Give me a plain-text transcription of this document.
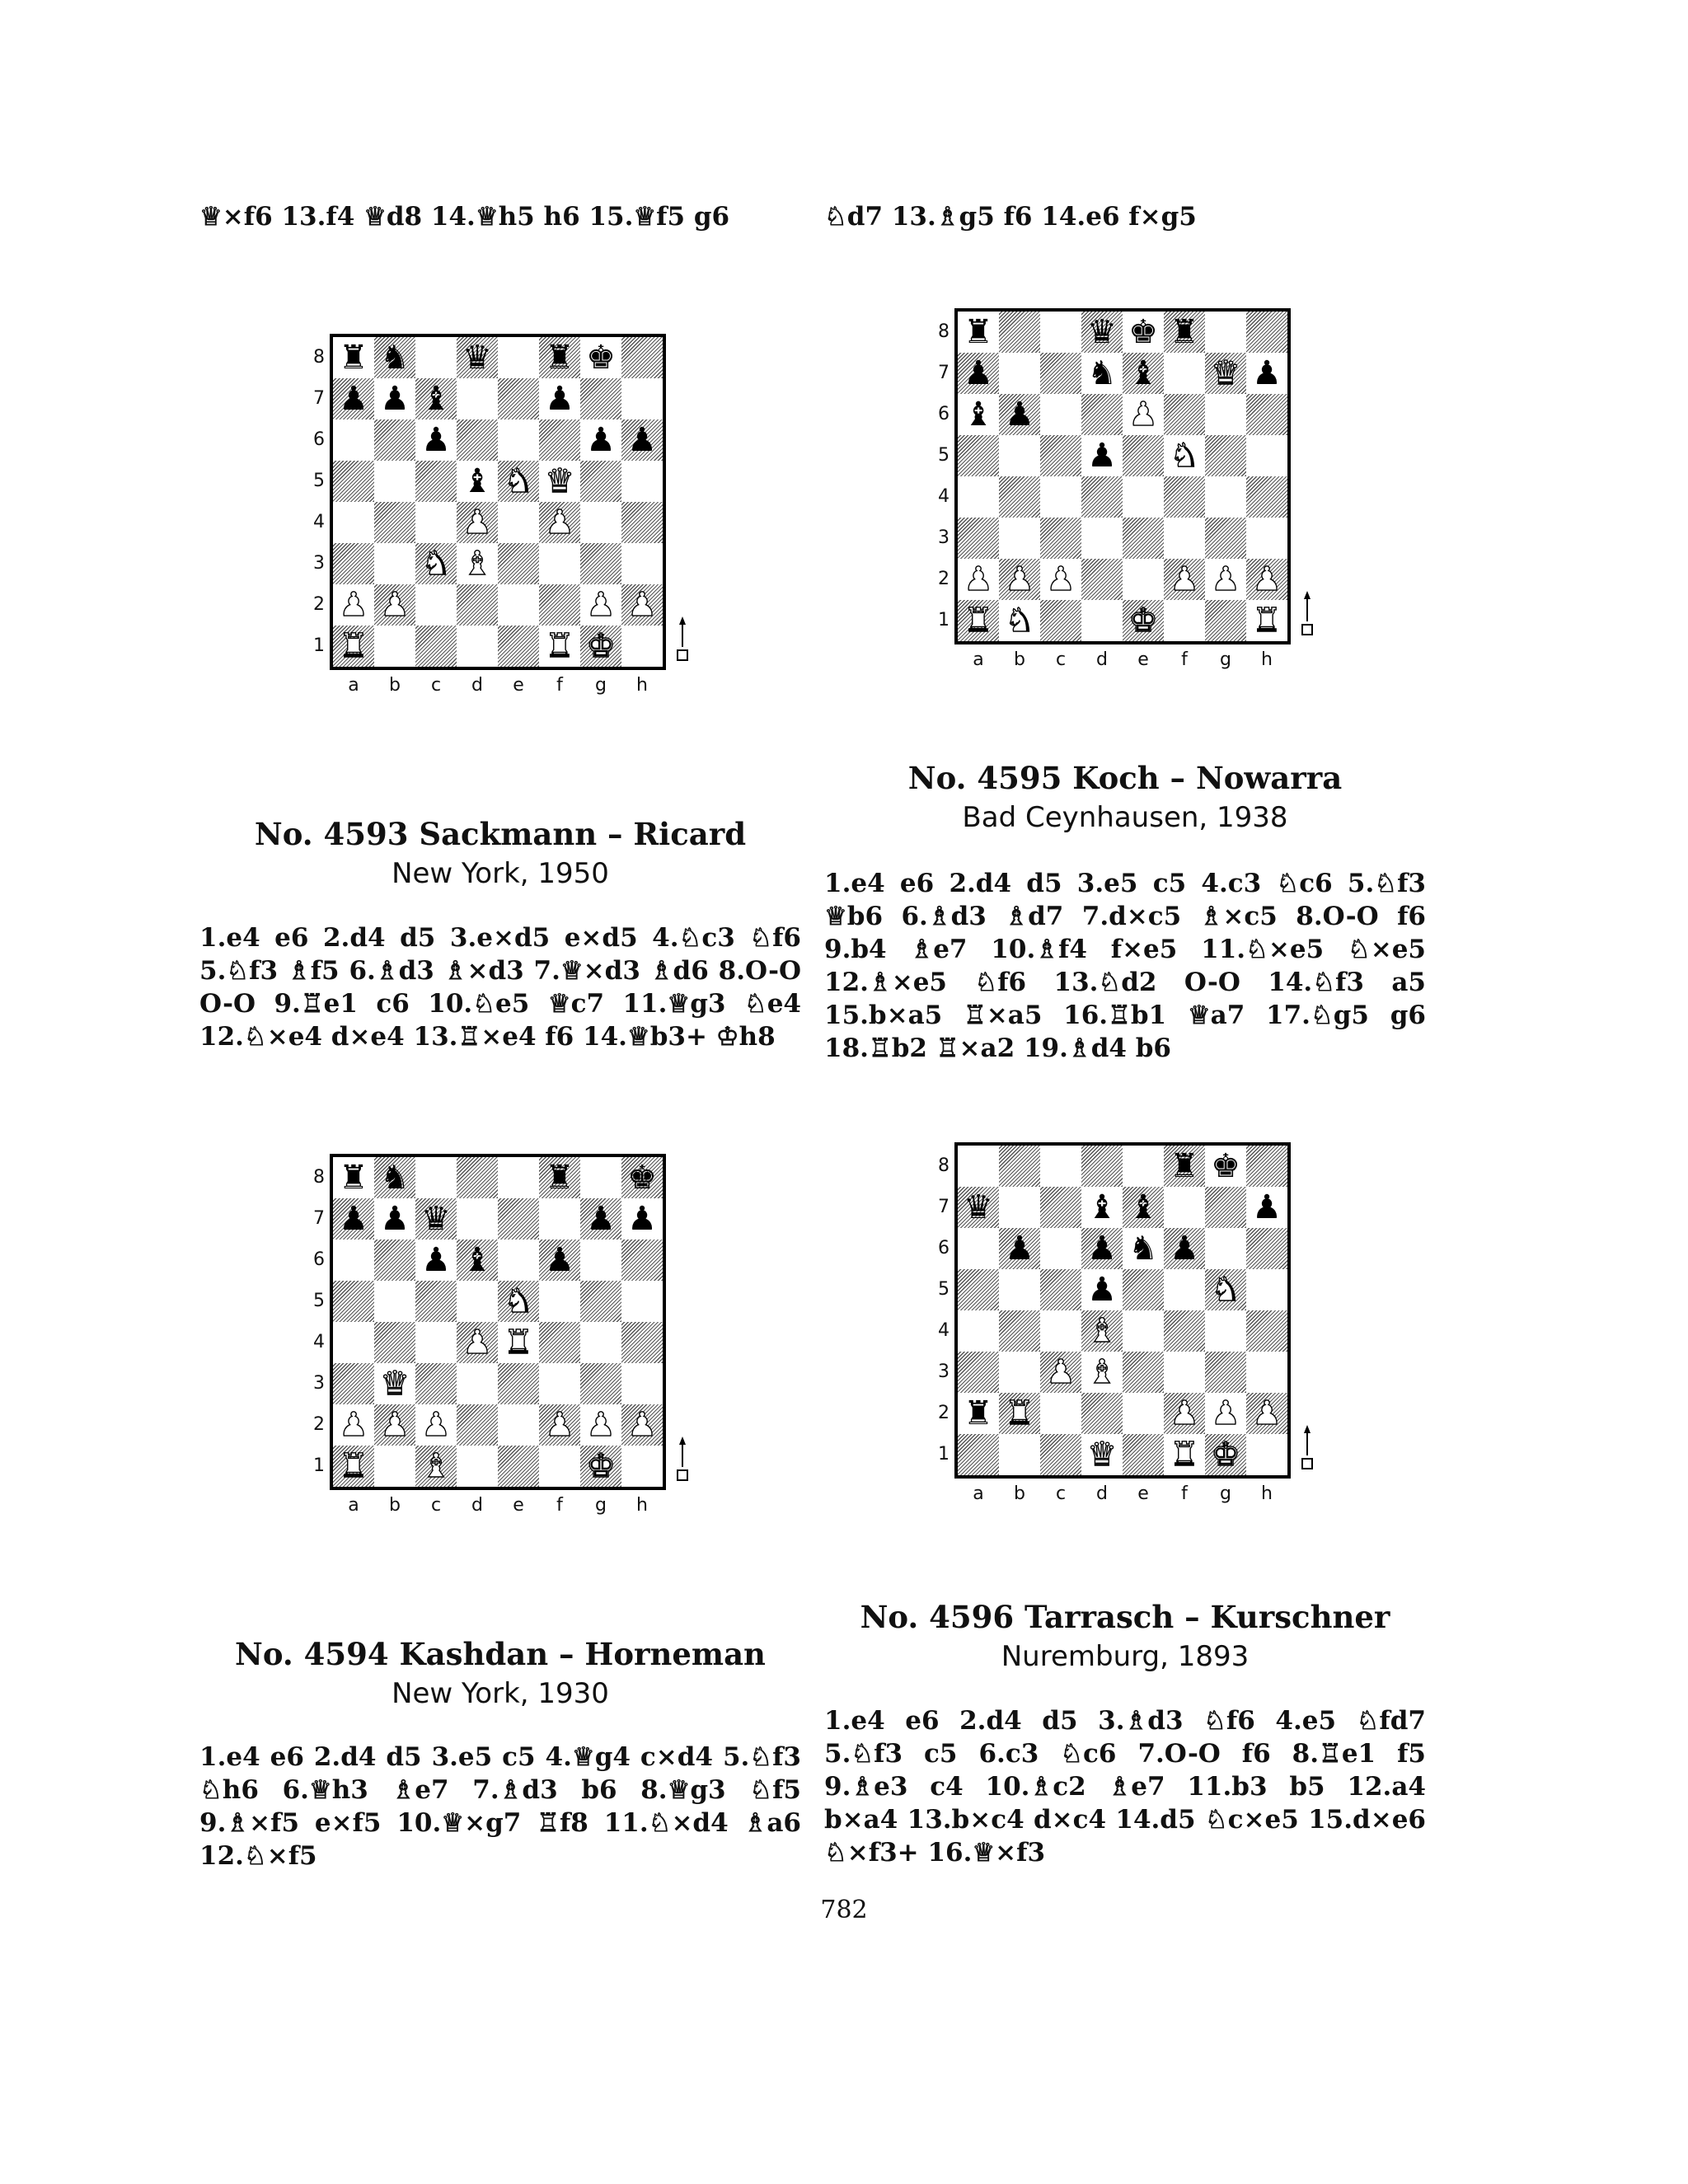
♕×f6 13.f4 ♕d8 14.♕h5 h6 15.♕f5 g6	♘d7 13.♗g5 f6 14.e6 f×g5
♜ ♞ ♛ ♜ ♚
♟ ♟ ♝	♟
♟	♟ ♟
♝ ♞ ♛
♟ ♟
♞ ♝
♟ ♟	♟ ♟
♜	♜ ♚
8
7
6
5
4
3
2
1
a	b	c	d	e	f	g	h
♜	♛ ♚ ♜
♟	♞ ♝ ♛ ♟
♝ ♟	♟
♟ ♞
♟ ♟ ♟	♟ ♟ ♟
♜ ♞	♚	♜
8
7
6
5
4
3
2
1
a	b	c	d	e	f	g	h
No. 4593 Sackmann – Ricard
New York, 1950
1.e4 e6 2.d4 d5 3.e×d5 e×d5 4.♘c3 ♘f6 5.♘f3 ♗f5 6.♗d3 ♗×d3 7.♕×d3 ♗d6 8.O-O O-O 9.♖e1 c6 10.♘e5 ♕c7 11.♕g3 ♘e4 12.♘×e4 d×e4 13.♖×e4 f6 14.♕b3+ ♔h8
No. 4595 Koch – Nowarra
Bad Ceynhausen, 1938
1.e4 e6 2.d4 d5 3.e5 c5 4.c3 ♘c6 5.♘f3 ♕b6 6.♗d3 ♗d7 7.d×c5 ♗×c5 8.O-O f6 9.b4 ♗e7 10.♗f4 f×e5 11.♘×e5 ♘×e5 12.♗×e5 ♘f6 13.♘d2 O-O 14.♘f3 a5 15.b×a5 ♖×a5 16.♖b1 ♕a7 17.♘g5 g6 18.♖b2 ♖×a2 19.♗d4 b6
♜ ♞	♜ ♚
♟ ♟ ♛	♟ ♟
♟ ♝ ♟
♞
♟ ♜
♛
♟ ♟ ♟	♟ ♟ ♟
♜ ♝	♚
8
7
6
5
4
3
2
1
a	b	c	d	e	f	g	h
♜ ♚
♛	♝ ♝	♟
♟ ♟ ♞ ♟
♟	♞
♝
♟ ♝
♜ ♜	♟ ♟ ♟
♛ ♜ ♚
8
7
6
5
4
3
2
1
a	b	c	d	e	f	g	h
No. 4594 Kashdan – Horneman
New York, 1930
1.e4 e6 2.d4 d5 3.e5 c5 4.♕g4 c×d4 5.♘f3 ♘h6 6.♕h3 ♗e7 7.♗d3 b6 8.♕g3 ♘f5 9.♗×f5 e×f5 10.♕×g7 ♖f8 11.♘×d4 ♗a6 12.♘×f5
No. 4596 Tarrasch – Kurschner
Nuremburg, 1893
1.e4 e6 2.d4 d5 3.♗d3 ♘f6 4.e5 ♘fd7 5.♘f3 c5 6.c3 ♘c6 7.O-O f6 8.♖e1 f5 9.♗e3 c4 10.♗c2 ♗e7 11.b3 b5 12.a4 b×a4 13.b×c4 d×c4 14.d5 ♘c×e5 15.d×e6 ♘×f3+ 16.♕×f3
782
